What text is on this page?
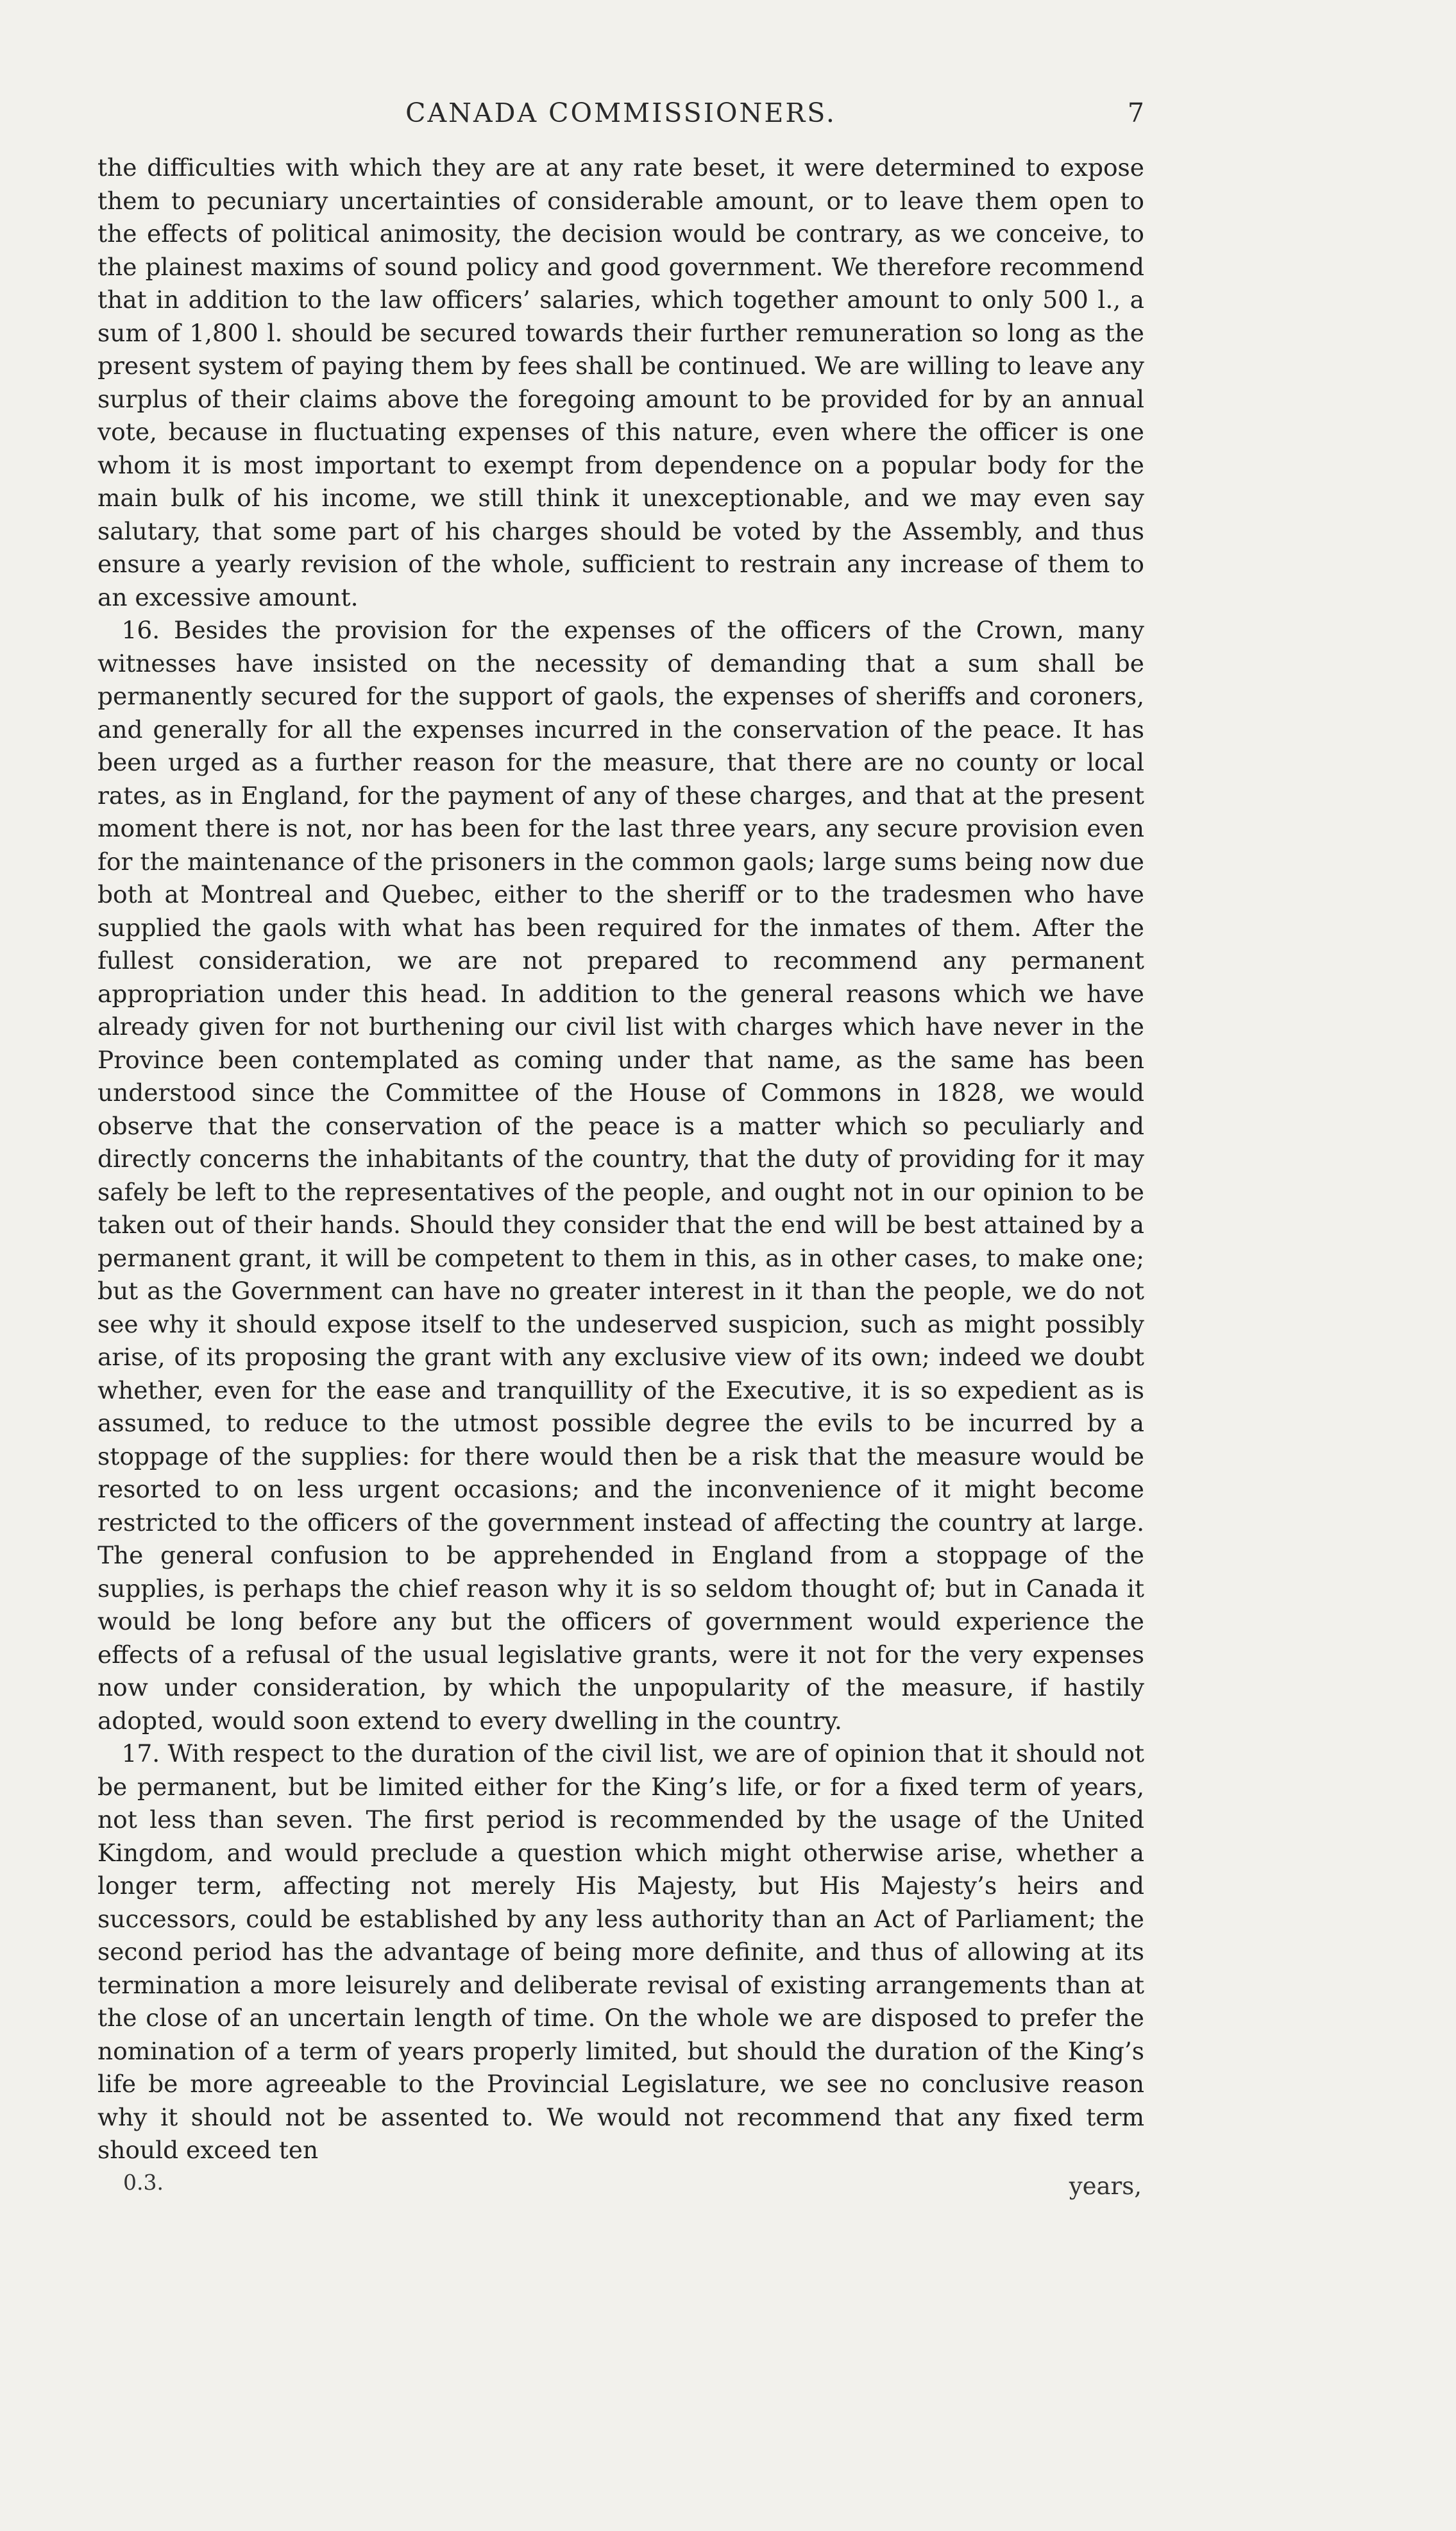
CANADA COMMISSIONERS.	7

the difficulties with which they are at any rate beset, it were determined to expose them to pecuniary uncertainties of considerable amount, or to leave them open to the effects of political animosity, the decision would be contrary, as we conceive, to the plainest maxims of sound policy and good government. We therefore recommend that in addition to the law officers’ salaries, which together amount to only 500 l., a sum of 1,800 l. should be secured towards their further remuneration so long as the present system of paying them by fees shall be continued. We are willing to leave any surplus of their claims above the foregoing amount to be provided for by an annual vote, because in fluctuating expenses of this nature, even where the officer is one whom it is most important to exempt from dependence on a popular body for the main bulk of his income, we still think it unexceptionable, and we may even say salutary, that some part of his charges should be voted by the Assembly, and thus ensure a yearly revision of the whole, sufficient to restrain any increase of them to an excessive amount.

 16. Besides the provision for the expenses of the officers of the Crown, many witnesses have insisted on the necessity of demanding that a sum shall be permanently secured for the support of gaols, the expenses of sheriffs and coroners, and generally for all the expenses incurred in the conservation of the peace. It has been urged as a further reason for the measure, that there are no county or local rates, as in England, for the payment of any of these charges, and that at the present moment there is not, nor has been for the last three years, any secure provision even for the maintenance of the prisoners in the common gaols; large sums being now due both at Montreal and Quebec, either to the sheriff or to the tradesmen who have supplied the gaols with what has been required for the inmates of them. After the fullest consideration, we are not prepared to recommend any permanent appropriation under this head. In addition to the general reasons which we have already given for not burthening our civil list with charges which have never in the Province been contemplated as coming under that name, as the same has been understood since the Committee of the House of Commons in 1828, we would observe that the conservation of the peace is a matter which so peculiarly and directly concerns the inhabitants of the country, that the duty of providing for it may safely be left to the representatives of the people, and ought not in our opinion to be taken out of their hands. Should they consider that the end will be best attained by a permanent grant, it will be competent to them in this, as in other cases, to make one; but as the Government can have no greater interest in it than the people, we do not see why it should expose itself to the undeserved suspicion, such as might possibly arise, of its proposing the grant with any exclusive view of its own; indeed we doubt whether, even for the ease and tranquillity of the Executive, it is so expedient as is assumed, to reduce to the utmost possible degree the evils to be incurred by a stoppage of the supplies: for there would then be a risk that the measure would be resorted to on less urgent occasions; and the inconvenience of it might become restricted to the officers of the government instead of affecting the country at large. The general confusion to be apprehended in England from a stoppage of the supplies, is perhaps the chief reason why it is so seldom thought of; but in Canada it would be long before any but the officers of government would experience the effects of a refusal of the usual legislative grants, were it not for the very expenses now under consideration, by which the unpopularity of the measure, if hastily adopted, would soon extend to every dwelling in the country.

 17. With respect to the duration of the civil list, we are of opinion that it should not be permanent, but be limited either for the King’s life, or for a fixed term of years, not less than seven. The first period is recommended by the usage of the United Kingdom, and would preclude a question which might otherwise arise, whether a longer term, affecting not merely His Majesty, but His Majesty’s heirs and successors, could be established by any less authority than an Act of Parliament; the second period has the advantage of being more definite, and thus of allowing at its termination a more leisurely and deliberate revisal of existing arrangements than at the close of an uncertain length of time. On the whole we are disposed to prefer the nomination of a term of years properly limited, but should the duration of the King’s life be more agreeable to the Provincial Legislature, we see no conclusive reason why it should not be assented to. We would not recommend that any fixed term should exceed ten

0.3.	years,
